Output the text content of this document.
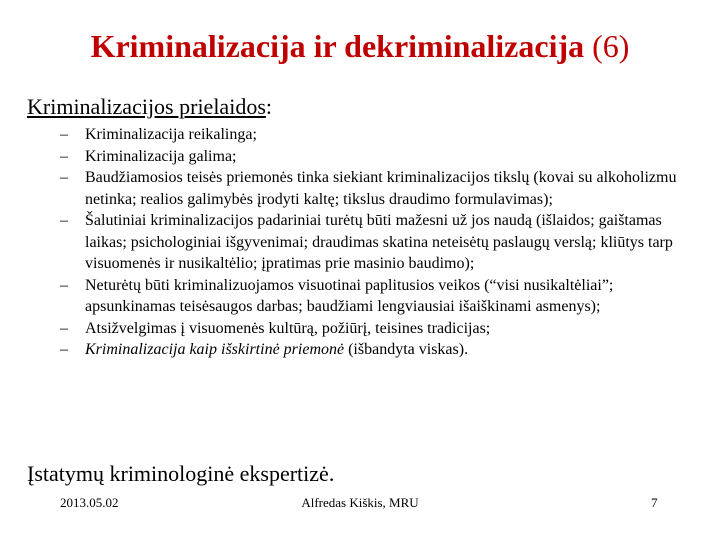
Kriminalizacija ir dekriminalizacija (6)
Kriminalizacijos prielaidos:
– Kriminalizacija reikalinga;
– Kriminalizacija galima;
– Baudžiamosios teisės priemonės tinka siekiant kriminalizacijos tikslų (kovai su alkoholizmu netinka; realios galimybės įrodyti kaltę; tikslus draudimo formulavimas);
– Šalutiniai kriminalizacijos padariniai turėtų būti mažesni už jos naudą (išlaidos; gaištamas laikas; psichologiniai išgyvenimai; draudimas skatina neteisėtų paslaugų verslą; kliūtys tarp visuomenės ir nusikaltėlio; įpratimas prie masinio baudimo);
– Neturėtų būti kriminalizuojamos visuotinai paplitusios veikos (“visi nusikaltėliai”; apsunkinamas teisėsaugos darbas; baudžiami lengviausiai išaiškinami asmenys);
– Atsižvelgimas į visuomenės kultūrą, požiūrį, teisines tradicijas;
– Kriminalizacija kaip išskirtinė priemonė (išbandyta viskas).
Įstatymų kriminologinė ekspertizė.
2013.05.02	Alfredas Kiškis, MRU	7
